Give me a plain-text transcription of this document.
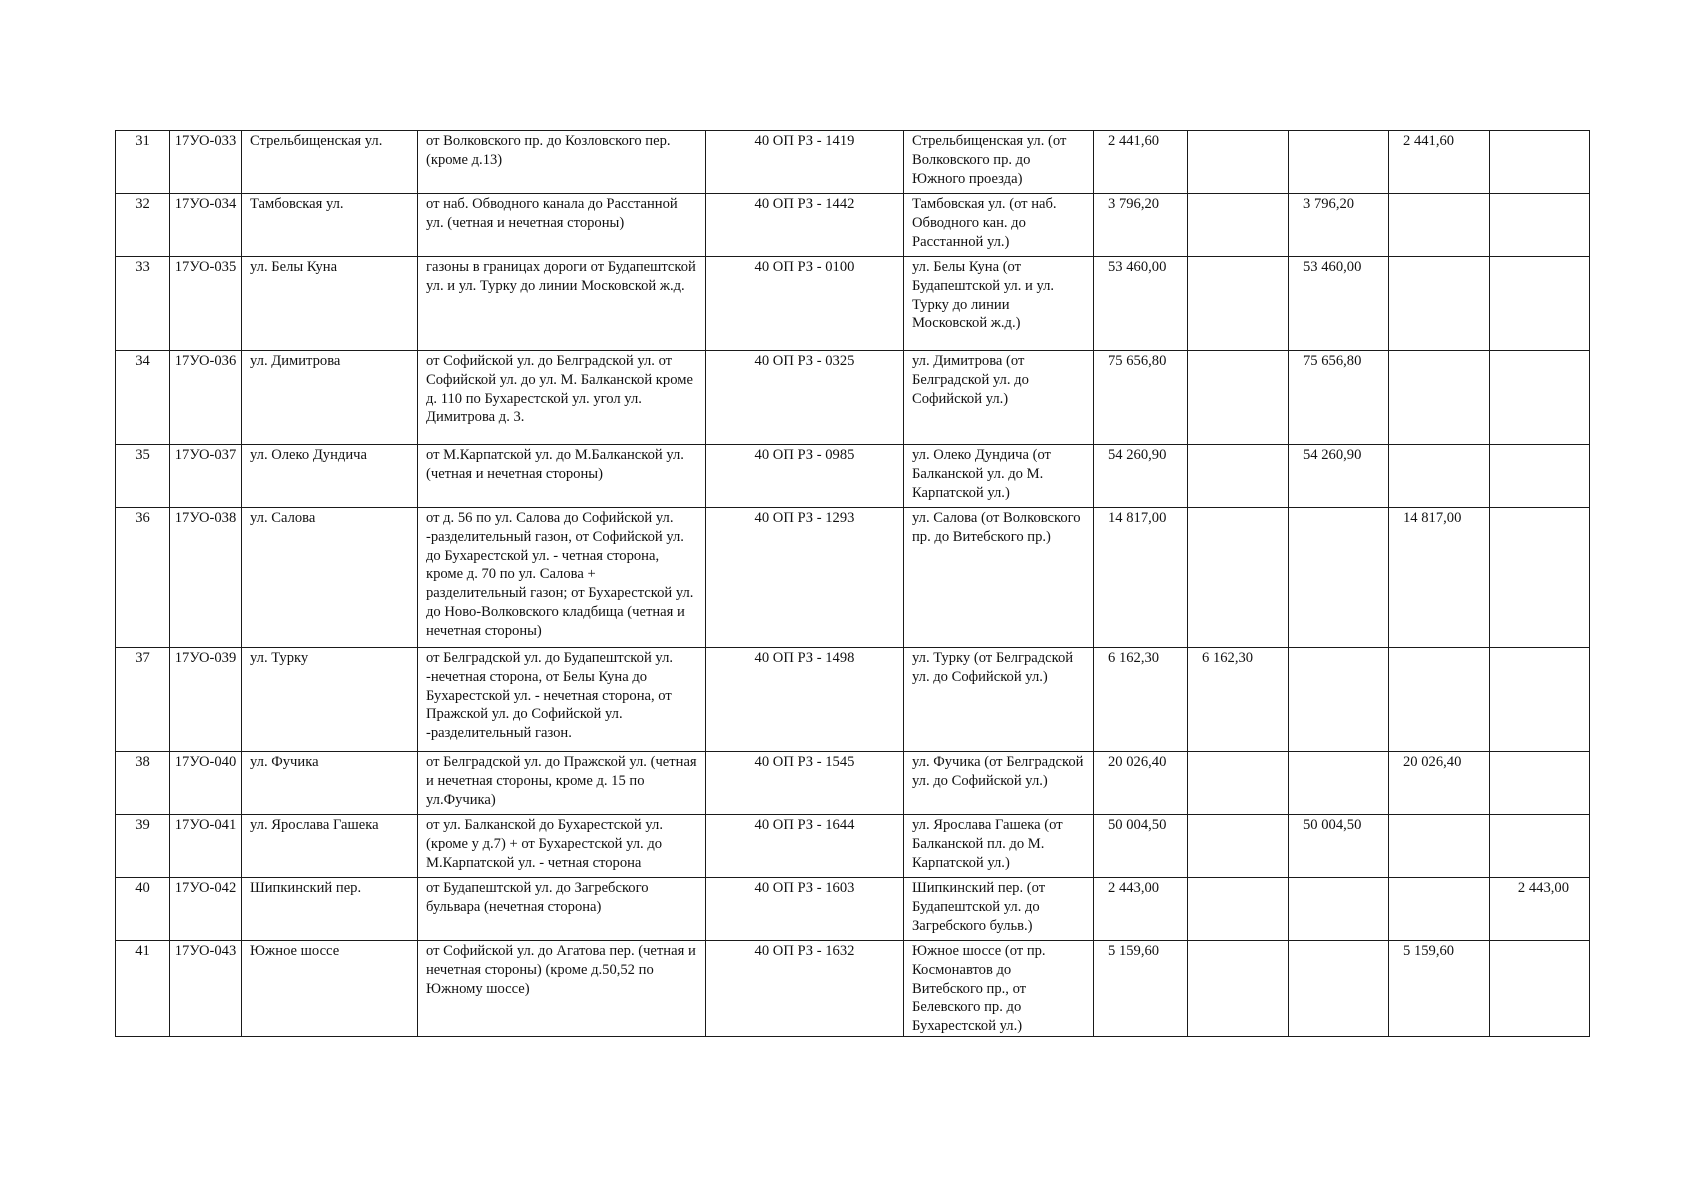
31	17УО-033	Стрельбищенская ул.	от Волковского пр. до Козловского пер. (кроме д.13)	40 ОП РЗ - 1419	Стрельбищенская ул. (от Волковского пр. до Южного проезда)	2 441,60			2 441,60	
32	17УО-034	Тамбовская ул.	от наб. Обводного канала до Расстанной ул. (четная и нечетная стороны)	40 ОП РЗ - 1442	Тамбовская ул. (от наб. Обводного кан. до Расстанной ул.)	3 796,20		3 796,20		
33	17УО-035	ул. Белы Куна	газоны в границах дороги от Будапештской ул. и ул. Турку до линии Московской ж.д.	40 ОП РЗ - 0100	ул. Белы Куна (от Будапештской ул. и ул. Турку до линии Московской ж.д.)	53 460,00		53 460,00		
34	17УО-036	ул. Димитрова	от Софийской ул. до Белградской ул. от Софийской ул. до ул. М. Балканской кроме д. 110 по Бухарестской ул. угол ул. Димитрова д. 3.	40 ОП РЗ - 0325	ул. Димитрова (от Белградской ул. до Софийской ул.)	75 656,80		75 656,80		
35	17УО-037	ул. Олеко Дундича	от М.Карпатской ул. до М.Балканской ул. (четная и нечетная стороны)	40 ОП РЗ - 0985	ул. Олеко Дундича (от Балканской ул. до М. Карпатской ул.)	54 260,90		54 260,90		
36	17УО-038	ул. Салова	от д. 56 по ул. Салова до Софийской ул. -разделительный газон, от Софийской ул. до Бухарестской ул. - четная сторона, кроме д. 70 по ул. Салова + разделительный газон; от Бухарестской ул. до Ново-Волковского кладбища (четная и нечетная стороны)	40 ОП РЗ - 1293	ул. Салова (от Волковского пр. до Витебского пр.)	14 817,00			14 817,00	
37	17УО-039	ул. Турку	от Белградской ул. до Будапештской ул. -нечетная сторона, от Белы Куна до Бухарестской ул. - нечетная сторона, от Пражской ул. до Софийской ул. -разделительный газон.	40 ОП РЗ - 1498	ул. Турку (от Белградской ул. до Софийской ул.)	6 162,30	6 162,30			
38	17УО-040	ул. Фучика	от Белградской ул. до Пражской ул. (четная и нечетная стороны, кроме д. 15 по ул.Фучика)	40 ОП РЗ - 1545	ул. Фучика (от Белградской ул. до Софийской ул.)	20 026,40			20 026,40	
39	17УО-041	ул. Ярослава Гашека	от ул. Балканской до Бухарестской ул.(кроме у д.7) + от Бухарестской ул. до М.Карпатской ул. - четная сторона	40 ОП РЗ - 1644	ул. Ярослава Гашека (от Балканской пл. до М. Карпатской ул.)	50 004,50		50 004,50		
40	17УО-042	Шипкинский пер.	от Будапештской ул. до Загребского бульвара (нечетная сторона)	40 ОП РЗ - 1603	Шипкинский пер. (от Будапештской ул. до Загребского бульв.)	2 443,00				2 443,00
41	17УО-043	Южное шоссе	от Софийской ул. до Агатова пер. (четная и нечетная стороны) (кроме д.50,52 по Южному шоссе)	40 ОП РЗ - 1632	Южное шоссе (от пр. Космонавтов до Витебского пр., от Белевского пр. до Бухарестской ул.)	5 159,60			5 159,60	
